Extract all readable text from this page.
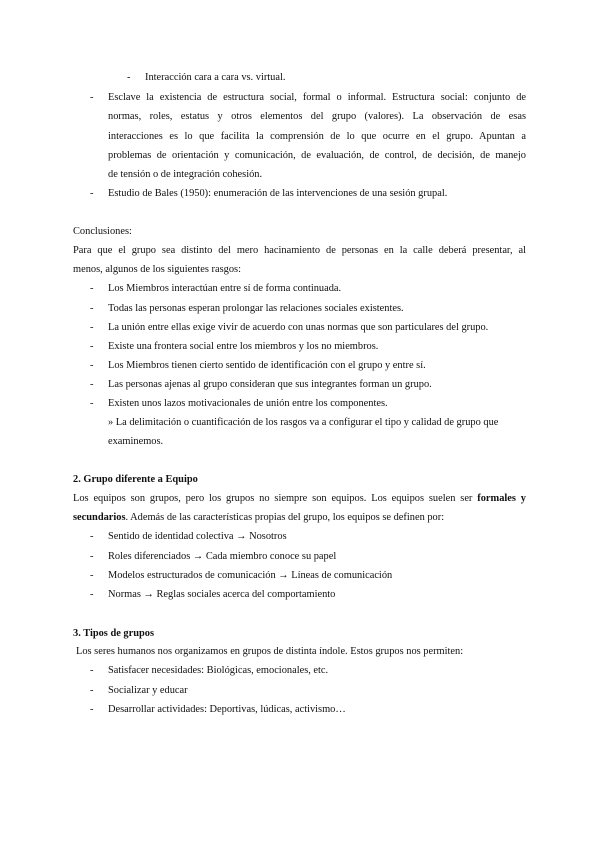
- Interacción cara a cara vs. virtual.
- Esclave la existencia de estructura social, formal o informal. Estructura social: conjunto de
normas, roles, estatus y otros elementos del grupo (valores). La observación de esas
interacciones es lo que facilita la comprensión de lo que ocurre en el grupo. Apuntan a
problemas de orientación y comunicación, de evaluación, de control, de decisión, de manejo
de tensión o de integración cohesión.
- Estudio de Bales (1950): enumeración de las intervenciones de una sesión grupal.
Conclusiones:
Para que el grupo sea distinto del mero hacinamiento de personas en la calle deberá presentar, al
menos, algunos de los siguientes rasgos:
- Los Miembros interactúan entre sí de forma continuada.
- Todas las personas esperan prolongar las relaciones sociales existentes.
- La unión entre ellas exige vivir de acuerdo con unas normas que son particulares del grupo.
- Existe una frontera social entre los miembros y los no miembros.
- Los Miembros tienen cierto sentido de identificación con el grupo y entre sí.
- Las personas ajenas al grupo consideran que sus integrantes forman un grupo.
- Existen unos lazos motivacionales de unión entre los componentes.
» La delimitación o cuantificación de los rasgos va a configurar el tipo y calidad de grupo que
examinemos.
2. Grupo diferente a Equipo
Los equipos son grupos, pero los grupos no siempre son equipos. Los equipos suelen ser formales y
secundarios. Además de las características propias del grupo, los equipos se definen por:
- Sentido de identidad colectiva → Nosotros
- Roles diferenciados → Cada miembro conoce su papel
- Modelos estructurados de comunicación → Líneas de comunicación
- Normas → Reglas sociales acerca del comportamiento
3. Tipos de grupos
Los seres humanos nos organizamos en grupos de distinta índole. Estos grupos nos permiten:
- Satisfacer necesidades: Biológicas, emocionales, etc.
- Socializar y educar
- Desarrollar actividades: Deportivas, lúdicas, activismo…
